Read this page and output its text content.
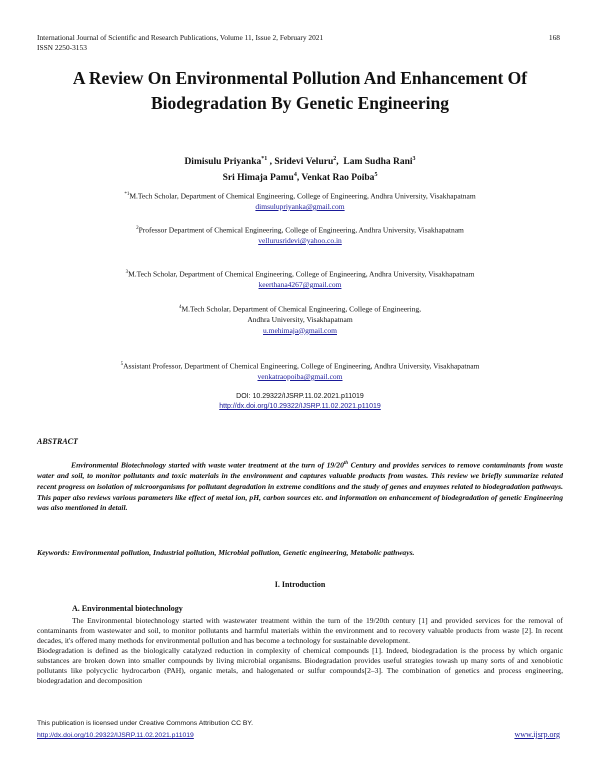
International Journal of Scientific and Research Publications, Volume 11, Issue 2, February 2021
ISSN 2250-3153
168
A Review On Environmental Pollution And Enhancement Of Biodegradation By Genetic Engineering
Dimisulu Priyanka$^{*1}$ , Sridevi Veluru$^2$,  Lam Sudha Rani$^3$
Sri Himaja Pamu$^4$, Venkat Rao Poiba$^5$
$^{*1}$M.Tech Scholar, Department of Chemical Engineering, College of Engineering, Andhra University, Visakhapatnam
dimsulupriyanka@gmail.com
$^2$Professor Department of Chemical Engineering, College of Engineering, Andhra University, Visakhapatnam
vellurusridevi@yahoo.co.in
$^3$M.Tech Scholar, Department of Chemical Engineering, College of Engineering, Andhra University, Visakhapatnam
keerthana4267@gmail.com
$^4$M.Tech Scholar, Department of Chemical Engineering, College of Engineering,
Andhra University, Visakhapatnam
u.mehimaja@gmail.com
$^5$Assistant Professor, Department of Chemical Engineering, College of Engineering, Andhra University, Visakhapatnam
venkatraopoiba@gmail.com
DOI: 10.29322/IJSRP.11.02.2021.p11019
http://dx.doi.org/10.29322/IJSRP.11.02.2021.p11019
ABSTRACT
Environmental Biotechnology started with waste water treatment at the turn of 19/20th Century and provides services to remove contaminants from waste water and soil, to monitor pollutants and toxic materials in the environment and captures valuable products from wastes. This review we briefly summarize related recent progress on isolation of microorganisms for pollutant degradation in extreme conditions and the study of genes and enzymes related to biodegradation pathways. This paper also reviews various parameters like effect of metal ion, pH, carbon sources etc. and information on enhancement of biodegradation of genetic Engineering was also mentioned in detail.
Keywords: Environmental pollution, Industrial pollution, Microbial pollution, Genetic engineering, Metabolic pathways.
I. Introduction
A. Environmental biotechnology

The Environmental biotechnology started with wastewater treatment within the turn of the 19/20th century [1] and provided services for the removal of contaminants from wastewater and soil, to monitor pollutants and harmful materials within the environment and to recovery valuable products from waste [2]. In recent decades, it's offered many methods for environmental pollution and has become a technology for sustainable development.

Biodegradation is defined as the biologically catalyzed reduction in complexity of chemical compounds [1]. Indeed, biodegradation is the process by which organic substances are broken down into smaller compounds by living microbial organisms. Biodegradation provides useful strategies towash up many sorts of and xenobiotic pollutants like polycyclic hydrocarbon (PAH), organic metals, and halogenated or sulfur compounds[2–3]. The combination of genetics and process engineering, biodegradation and decomposition

This publication is licensed under Creative Commons Attribution CC BY.
http://dx.doi.org/10.29322/IJSRP.11.02.2021.p11019	www.ijsrp.org
